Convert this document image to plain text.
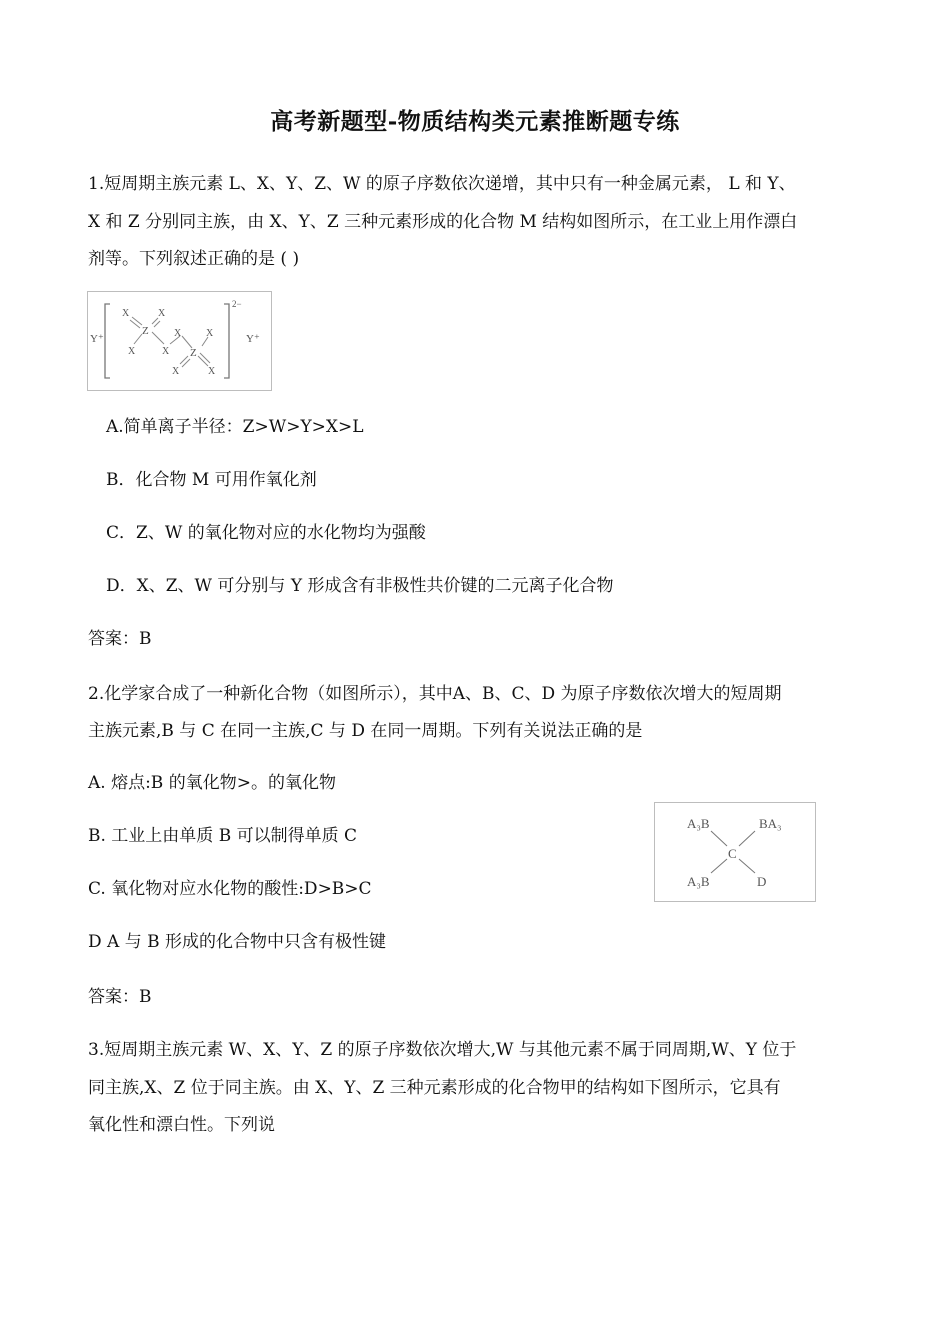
高考新题型-物质结构类元素推断题专练
1.短周期主族元素 L、X、Y、Z、W 的原子序数依次递增，其中只有一种金属元素， L 和 Y、
X 和 Z 分别同主族，由 X、Y、Z 三种元素形成的化合物 M 结构如图所示，在工业上用作漂白
剂等。下列叙述正确的是 ( )
Y⁺
2−
Y⁺
X	X
Z
X
X
X
X
Z
X	X
A.简单离子半径：Z>W>Y>X>L
B．化合物 M 可用作氧化剂
C．Z、W 的氧化物对应的水化物均为强酸
D．X、Z、W 可分别与 Y 形成含有非极性共价键的二元离子化合物
答案：B
2.化学家合成了一种新化合物（如图所示），其中A、B、C、D 为原子序数依次增大的短周期
主族元素,B 与 C 在同一主族,C 与 D 在同一周期。下列有关说法正确的是
A. 熔点:B 的氧化物>。的氧化物
B. 工业上由单质 B 可以制得单质 C
C. 氧化物对应水化物的酸性:D>B>C
D A 与 B 形成的化合物中只含有极性键
A₃B	BA₃
C
A₃B	D
答案：B
3.短周期主族元素 W、X、Y、Z 的原子序数依次增大,W 与其他元素不属于同周期,W、Y 位于
同主族,X、Z 位于同主族。由 X、Y、Z 三种元素形成的化合物甲的结构如下图所示，它具有
氧化性和漂白性。下列说
